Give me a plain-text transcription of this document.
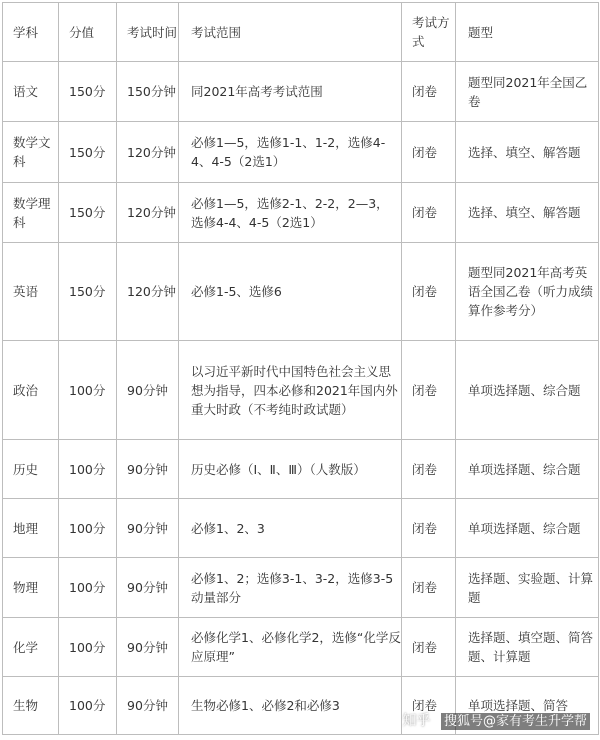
学科	分值	考试时间	考试范围	考试方式	题型
语文	150分	150分钟	同2021年高考考试范围	闭卷	题型同2021年全国乙卷
数学文科	150分	120分钟	必修1—5，选修1-1、1-2，选修4-4、4-5（2选1）	闭卷	选择、填空、解答题
数学理科	150分	120分钟	必修1—5，选修2-1、2-2，2—3，选修4-4、4-5（2选1）	闭卷	选择、填空、解答题
英语	150分	120分钟	必修1-5、选修6	闭卷	题型同2021年高考英语全国乙卷（听力成绩算作参考分）
政治	100分	90分钟	以习近平新时代中国特色社会主义思想为指导，四本必修和2021年国内外重大时政（不考纯时政试题）	闭卷	单项选择题、综合题
历史	100分	90分钟	历史必修（Ⅰ、Ⅱ、Ⅲ）（人教版）	闭卷	单项选择题、综合题
地理	100分	90分钟	必修1、2、3	闭卷	单项选择题、综合题
物理	100分	90分钟	必修1、2；选修3-1、3-2，选修3-5动量部分	闭卷	选择题、实验题、计算题
化学	100分	90分钟	必修化学1、必修化学2，选修“化学反应原理”	闭卷	选择题、填空题、简答题、计算题
生物	100分	90分钟	生物必修1、必修2和必修3	闭卷	单项选择题、简答
知乎 搜狐号@家有考生升学帮
